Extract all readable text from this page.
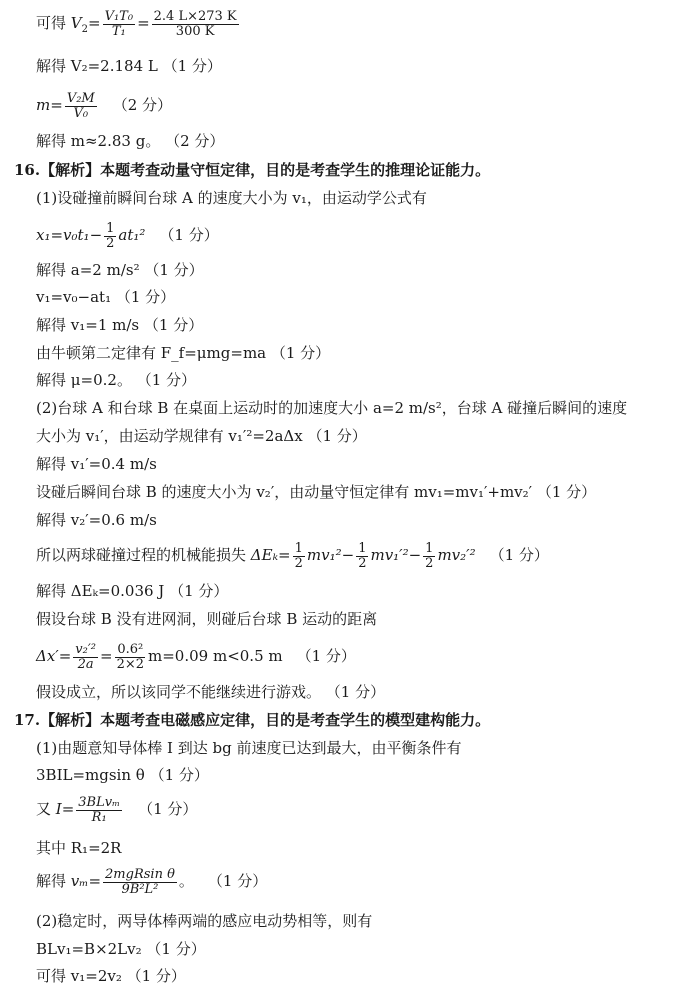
可得 $V_2= \frac{\text{V₁T₀}}{\text{T₁}} = \frac{2.4 L\times 273 K}{300 K}$
解得 V₂=2.184 L （1 分）
$m= \frac{\text{V₂M}}{\text{V₀}} (2$ 分）
解得 m≈2.83 g。 （2 分）
16.【解析】本题考查动量守恒定律，目的是考查学生的推理论证能力。
(1)设碰撞前瞬间台球 A 的速度大小为 v₁，由运动学公式有
$x_1=v_0t_1- \frac{1}{2} at_1^2$ （1 分）
解得 a=2 m/s² （1 分）
v₁=v₀−at₁ （1 分）
解得 v₁=1 m/s （1 分）
由牛顿第二定律有 F_f=μmg=ma （1 分）
解得 μ=0.2。 （1 分）
(2)台球 A 和台球 B 在桌面上运动时的加速度大小 a=2 m/s²，台球 A 碰撞后瞬间的速度
大小为 v₁′，由运动学规律有 v₁′²=2aΔx （1 分）
解得 v₁′=0.4 m/s
设碰后瞬间台球 B 的速度大小为 v₂′，由动量守恒定律有 mv₁=mv₁′+mv₂′ （1 分）
解得 v₂′=0.6 m/s
所以两球碰撞过程的机械能损失 $\Delta E_k= \frac{1}{2} mv_1^2- \frac{1}{2} mv_1'^2- \frac{1}{2} mv_2'^2$ （1 分）
解得 ΔEₖ=0.036 J （1 分）
假设台球 B 没有进网洞，则碰后台球 B 运动的距离
$\Delta x'= \frac{\text{v₂′²}}{2a} = \frac{\text{0.6²}}{2\times 2} m=0.09$ m<0.5 m （1 分）
假设成立，所以该同学不能继续进行游戏。 （1 分）
17.【解析】本题考查电磁感应定律，目的是考查学生的模型建构能力。
(1)由题意知导体棒 Ⅰ 到达 bg 前速度已达到最大，由平衡条件有
3BIL=mgsin θ （1 分）
又 $I= \frac{\text{3BLvₘ}}{\text{R₁}} (1$ 分）
其中 R₁=2R
解得 $v_m= \frac{\text{2mgRsin θ}}{\text{9B²L²}}$ 。 （1 分）
(2)稳定时，两导体棒两端的感应电动势相等，则有
BLv₁=B×2Lv₂ （1 分）
可得 v₁=2v₂ （1 分）
